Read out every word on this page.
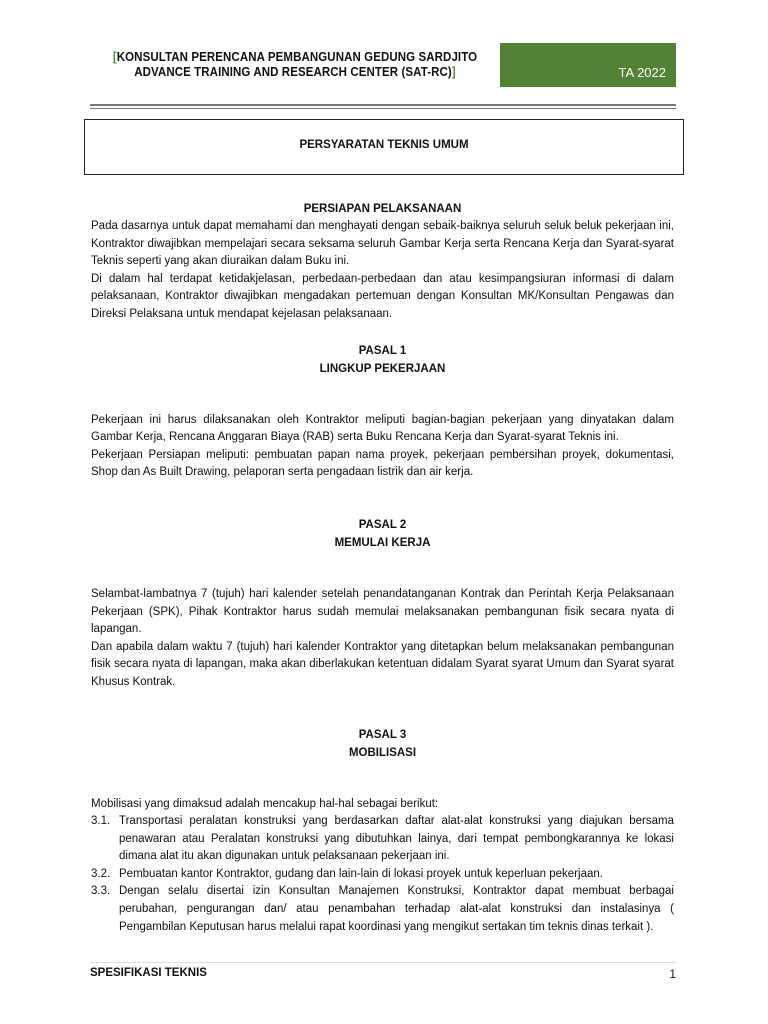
[KONSULTAN PERENCANA PEMBANGUNAN GEDUNG SARDJITO
ADVANCE TRAINING AND RESEARCH CENTER (SAT-RC)]	TA 2022
PERSYARATAN TEKNIS UMUM
PERSIAPAN PELAKSANAAN

Pada dasarnya untuk dapat memahami dan menghayati dengan sebaik-baiknya seluruh seluk beluk pekerjaan ini, Kontraktor diwajibkan mempelajari secara seksama seluruh Gambar Kerja serta Rencana Kerja dan Syarat-syarat Teknis seperti yang akan diuraikan dalam Buku ini.

Di dalam hal terdapat ketidakjelasan, perbedaan-perbedaan dan atau kesimpangsiuran informasi di dalam pelaksanaan, Kontraktor diwajibkan mengadakan pertemuan dengan Konsultan MK/Konsultan Pengawas dan Direksi Pelaksana untuk mendapat kejelasan pelaksanaan.

PASAL 1
LINGKUP PEKERJAAN

Pekerjaan ini harus dilaksanakan oleh Kontraktor meliputi bagian-bagian pekerjaan yang dinyatakan dalam Gambar Kerja, Rencana Anggaran Biaya (RAB) serta Buku Rencana Kerja dan Syarat-syarat Teknis ini.

Pekerjaan Persiapan meliputi: pembuatan papan nama proyek, pekerjaan pembersihan proyek, dokumentasi, Shop dan As Built Drawing, pelaporan serta pengadaan listrik dan air kerja.

PASAL 2
MEMULAI KERJA

Selambat-lambatnya 7 (tujuh) hari kalender setelah penandatanganan Kontrak dan Perintah Kerja Pelaksanaan Pekerjaan (SPK), Pihak Kontraktor harus sudah memulai melaksanakan pembangunan fisik secara nyata di lapangan.

Dan apabila dalam waktu 7 (tujuh) hari kalender Kontraktor yang ditetapkan belum melaksanakan pembangunan fisik secara nyata di lapangan, maka akan diberlakukan ketentuan didalam Syarat syarat Umum dan Syarat syarat Khusus Kontrak.

PASAL 3
MOBILISASI

Mobilisasi yang dimaksud adalah mencakup hal-hal sebagai berikut:

3.1. Transportasi peralatan konstruksi yang berdasarkan daftar alat-alat konstruksi yang diajukan bersama penawaran atau Peralatan konstruksi yang dibutuhkan lainya, dari tempat pembongkarannya ke lokasi dimana alat itu akan digunakan untuk pelaksanaan pekerjaan ini.
3.2. Pembuatan kantor Kontraktor, gudang dan lain-lain di lokasi proyek untuk keperluan pekerjaan.
3.3. Dengan selalu disertai izin Konsultan Manajemen Konstruksi, Kontraktor dapat membuat berbagai perubahan, pengurangan dan/ atau penambahan terhadap alat-alat konstruksi dan instalasinya ( Pengambilan Keputusan harus melalui rapat koordinasi yang mengikut sertakan tim teknis dinas terkait ).
SPESIFIKASI TEKNIS	1
